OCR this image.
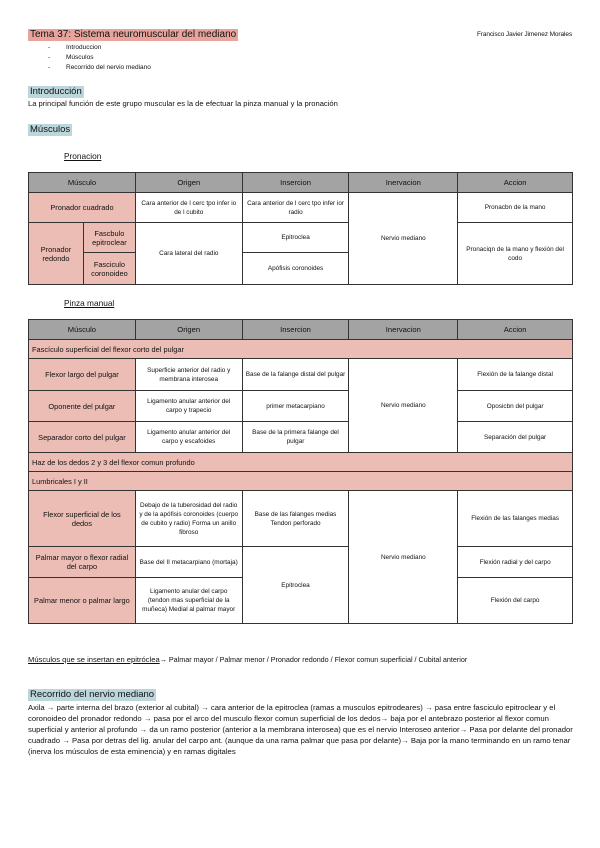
Tema 37: Sistema neuromuscular del mediano	Francisco Javier Jimenez Morales
- Introduccion
- Músculos
- Recorrido del nervio mediano
Introducción
La principal función de este grupo muscular es la de efectuar la pinza manual y la pronación
Músculos
Pronacion
Músculo		Origen	Insercion	Inervacion	Accion
Pronador cuadrado		Cara anterior de l cerc tpo infer io de l cubito	Cara anterior de l cerc tpo infer ior radio	Nervio mediano	Pronacbn de la mano
Pronador redondo	Fascbulo epitroclear	Cara lateral del radio	Epitroclea		Pronaciqn de la mano y flexión del codo
	Fasciculo coronoideo		Apófisis coronoides		
Pinza manual
Músculo	Origen	Insercion	Inervacion	Accion
Fascículo superficial del flexor corto del pulgar				
Flexor largo del pulgar	Superficie anterior del radio y membrana interosea	Base de la falange distal del pulgar	Nervio mediano	Flexión de la falange distal
Oponente del pulgar	Ligamento anular anterior del carpo y trapecio	primer metacarpiano		Oposicbn del pulgar
Separador corto del pulgar	Ligamento anular anterior del carpo y escafoides	Base de la primera falange del pulgar		Separación del pulgar
Haz de los dedos 2 y 3 del flexor comun profundo				
Lumbricales I y II				
Flexor superficial de los dedos	Debajo de la tuberosidad del radio y de la apófisis coronoides (cuerpo de cubito y radio) Forma un anillo fibroso	Base de las falanges medias Tendon perforado	Nervio mediano	Flexión de las falanges medias
Palmar mayor o flexor radial del carpo	Base del II metacarpiano (mortaja)	Epitroclea		Flexión radial y del carpo
Palmar menor o palmar largo	Ligamento anular del carpo (tendon mas superficial de la muñeca) Medial al palmar mayor			Flexión del carpo
Músculos que se insertan en epitróclea→ Palmar mayor / Palmar menor / Pronador redondo / Flexor comun superficial / Cubital anterior
Recorrido del nervio mediano
Axila → parte interna del brazo (exterior al cubital) → cara anterior de la epitroclea (ramas a musculos epitrodeares) → pasa entre fasciculo epitroclear y el coronoideo del pronador redondo → pasa por el arco del musculo flexor comun superficial de los dedos→ baja por el antebrazo posterior al flexor comun superficial y anterior al profundo → da un ramo posterior (anterior a la membrana interosea) que es el nervio Interoseo anterior→ Pasa por delante del pronador cuadrado → Pasa por detras del lig. anular del carpo ant. (aunque da una rama palmar que pasa por delante)→ Baja por la mano terminando en un ramo tenar (inerva los músculos de esta eminencia) y en ramas digitales
